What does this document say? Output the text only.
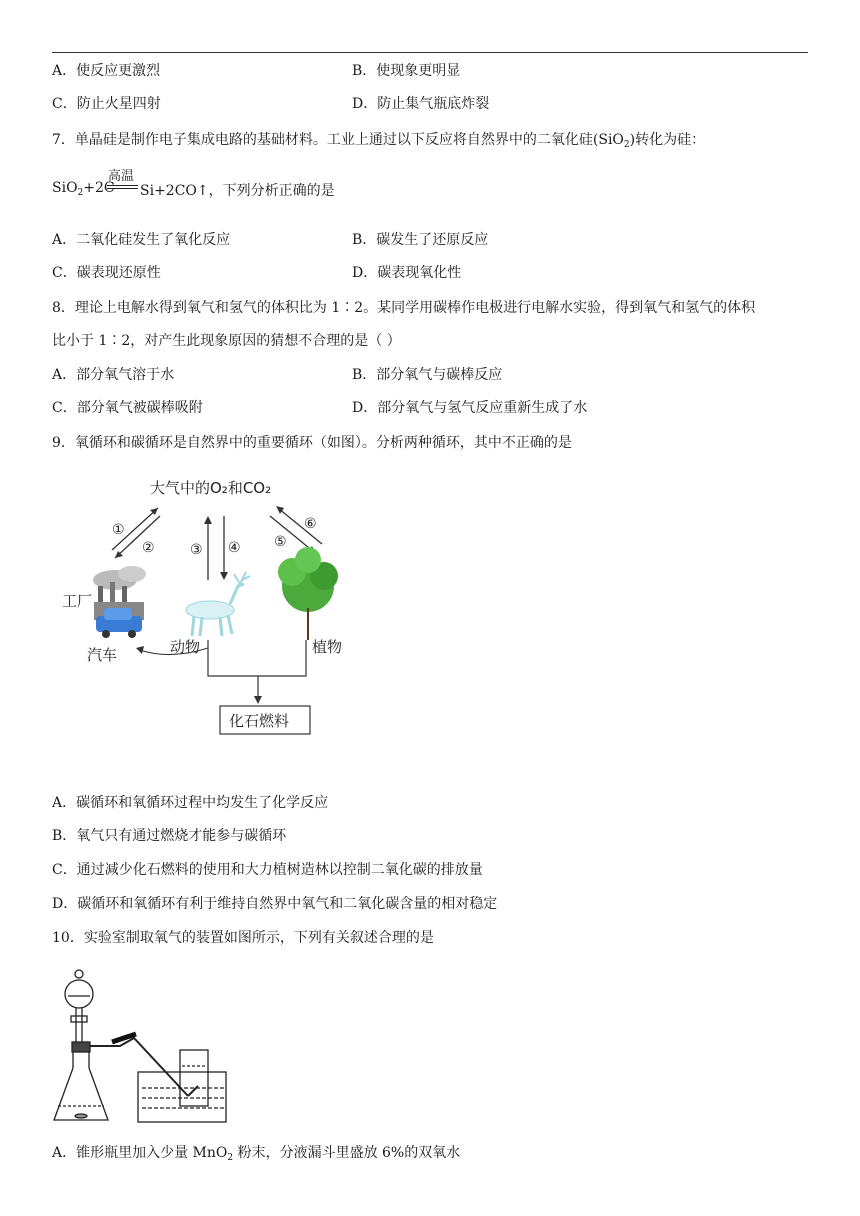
A．使反应更激烈	B．使现象更明显
C．防止火星四射	D．防止集气瓶底炸裂
7．单晶硅是制作电子集成电路的基础材料。工业上通过以下反应将自然界中的二氧化硅(SiO$_2$)转化为硅：
SiO$_2$+2C
高温
Si+2CO↑，下列分析正确的是
A．二氧化硅发生了氧化反应	B．碳发生了还原反应
C．碳表现还原性	D．碳表现氧化性
8．理论上电解水得到氧气和氢气的体积比为 1∶2。某同学用碳棒作电极进行电解水实验，得到氧气和氢气的体积
比小于 1∶2，对产生此现象原因的猜想不合理的是（ ）
A．部分氧气溶于水	B．部分氧气与碳棒反应
C．部分氧气被碳棒吸附	D．部分氧气与氢气反应重新生成了水
9．氧循环和碳循环是自然界中的重要循环（如图）。分析两种循环，其中不正确的是
大气中的O₂和CO₂
①
②	③ ④
⑥
⑤
工厂
汽车	动物	植物
化石燃料
A．碳循环和氧循环过程中均发生了化学反应
B．氧气只有通过燃烧才能参与碳循环
C．通过减少化石燃料的使用和大力植树造林以控制二氧化碳的排放量
D．碳循环和氧循环有利于维持自然界中氧气和二氧化碳含量的相对稳定
10．实验室制取氧气的装置如图所示，下列有关叙述合理的是
A．锥形瓶里加入少量 MnO$_2$ 粉末，分液漏斗里盛放 6%的双氧水
